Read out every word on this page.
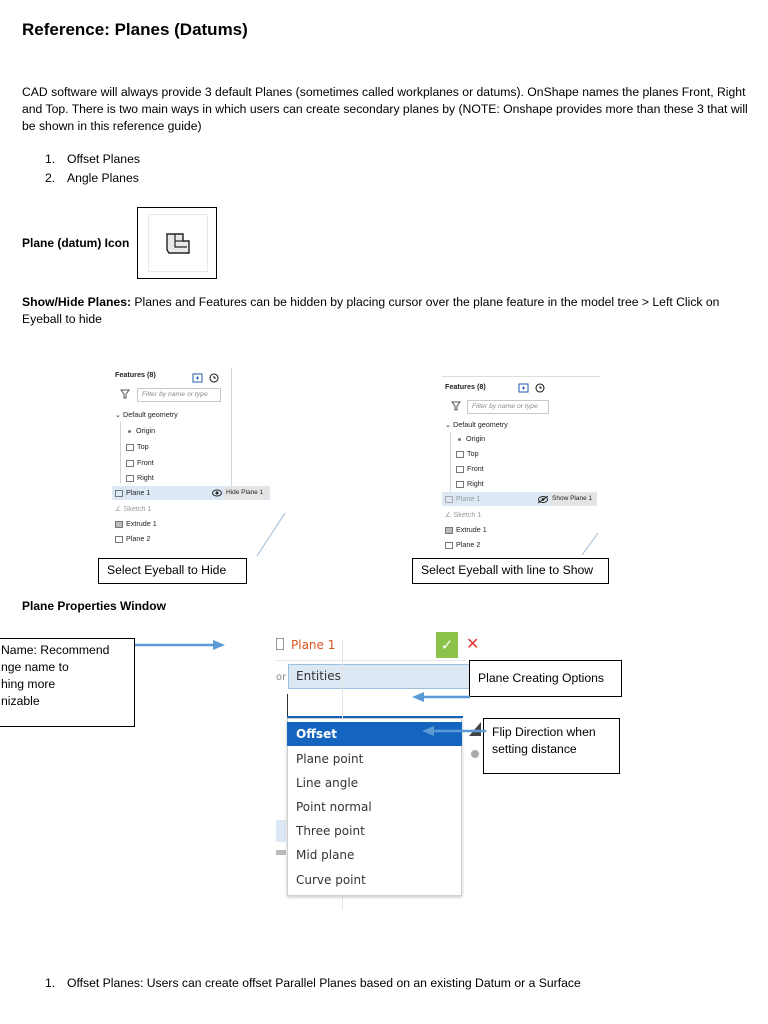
Reference: Planes (Datums)
CAD software will always provide 3 default Planes (sometimes called workplanes or datums). OnShape names the planes Front, Right and Top. There is two main ways in which users can create secondary planes by (NOTE: Onshape provides more than these 3 that will be shown in this reference guide)
1. Offset Planes
2. Angle Planes
Plane (datum) Icon
Show/Hide Planes: Planes and Features can be hidden by placing cursor over the plane feature in the model tree > Left Click on Eyeball to hide
Features (8)
Filter by name or type
⌄ Default geometry
Origin
Top
Front
Right
Plane 1	Hide Plane 1
∠ Sketch 1
Extrude 1
Plane 2
Select Eyeball to Hide
Features (8)
Filter by name or type
⌄ Default geometry
Origin
Top
Front
Right
Plane 1	Show Plane 1
∠ Sketch 1
Extrude 1
Plane 2
Select Eyeball with line to Show
Plane Properties Window
Name: Recommend
nge name to
hing more
nizable
Plane 1	✓ ✕
or Entities
Offset
Plane point
Line angle
Point normal
Three point
Mid plane
Curve point
Plane Creating Options
Flip Direction when setting distance
1. Offset Planes: Users can create offset Parallel Planes based on an existing Datum or a Surface
